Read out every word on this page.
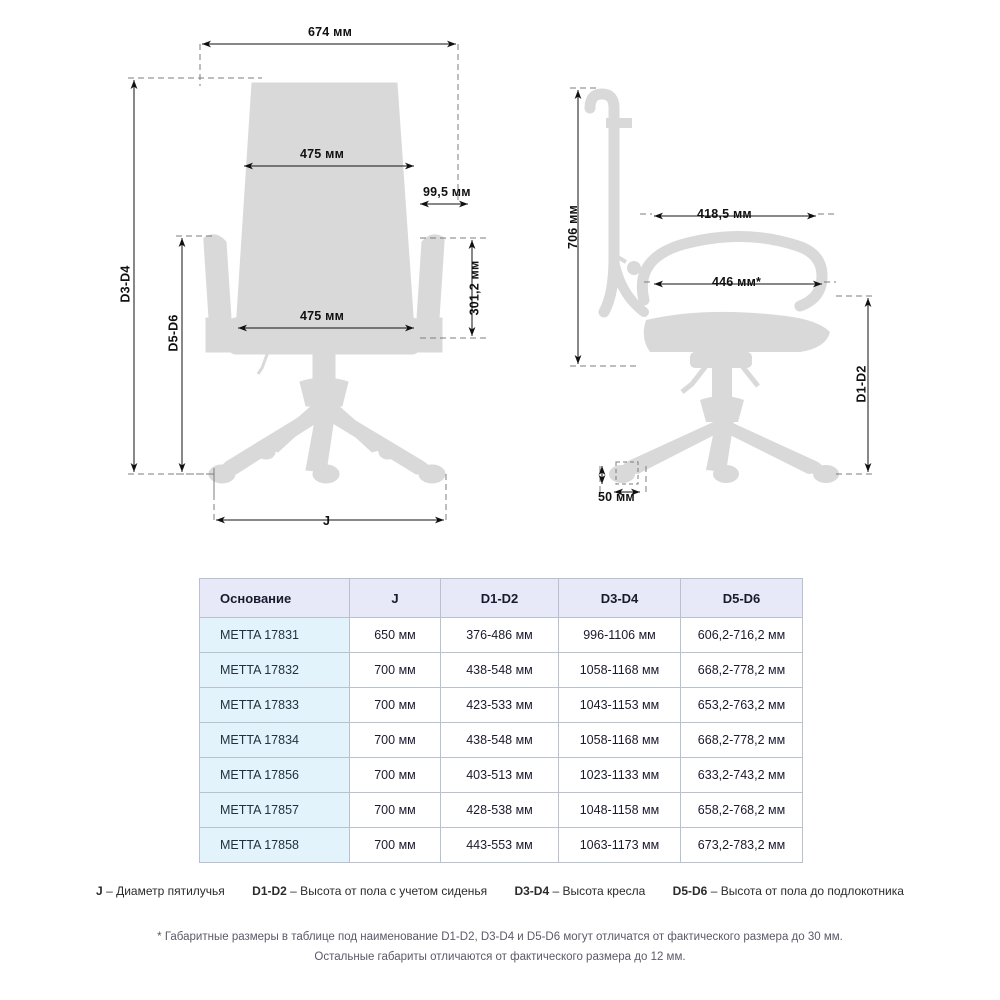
674 мм
475 мм
99,5 мм
475 мм
301,2 мм
D3-D4
D5-D6
J
706 мм	418,5 мм
446 мм*
D1-D2
50 мм
Основание	J	D1-D2	D3-D4	D5-D6
METTA 17831	650 мм	376-486 мм	996-1106 мм	606,2-716,2 мм
METTA 17832	700 мм	438-548 мм	1058-1168 мм	668,2-778,2 мм
METTA 17833	700 мм	423-533 мм	1043-1153 мм	653,2-763,2 мм
METTA 17834	700 мм	438-548 мм	1058-1168 мм	668,2-778,2 мм
METTA 17856	700 мм	403-513 мм	1023-1133 мм	633,2-743,2 мм
METTA 17857	700 мм	428-538 мм	1048-1158 мм	658,2-768,2 мм
METTA 17858	700 мм	443-553 мм	1063-1173 мм	673,2-783,2 мм
J – Диаметр пятилучья D1-D2 – Высота от пола с учетом сиденья D3-D4 – Высота кресла D5-D6 – Высота от пола до подлокотника
* Габаритные размеры в таблице под наименование D1-D2, D3-D4 и D5-D6 могут отличатся от фактического размера до 30 мм.
Остальные габариты отличаются от фактического размера до 12 мм.
